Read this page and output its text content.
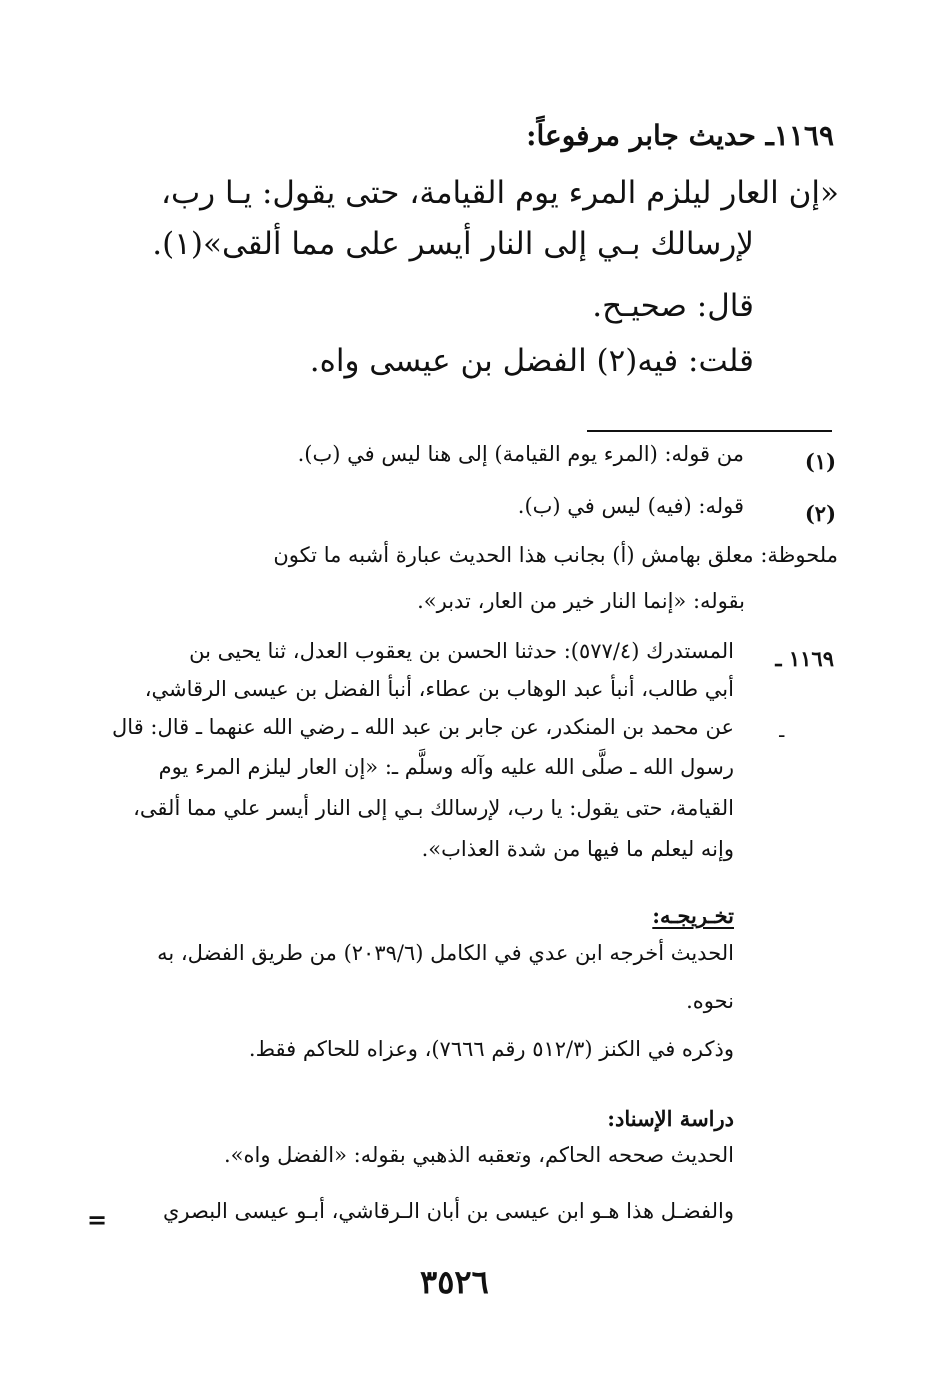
١١٦٩ـ حديث جابر مرفوعاً:
«إن العار ليلزم المرء يوم القيامة، حتى يقول: يـا رب،
لإرسالك بـي إلى النار أيسر على مما ألقى»(١).
قال: صحيـح.
قلت: فيه(٢) الفضل بن عيسى واه.
(١)
من قوله: (المرء يوم القيامة) إلى هنا ليس في (ب).
(٢)
قوله: (فيه) ليس في (ب).
ملحوظة: معلق بهامش (أ) بجانب هذا الحديث عبارة أشبه ما تكون
بقوله: «إنما النار خير من العار، تدبر».
١١٦٩ ـ
المستدرك (٥٧٧/٤): حدثنا الحسن بن يعقوب العدل، ثنا يحيى بن
أبي طالب، أنبأ عبد الوهاب بن عطاء، أنبأ الفضل بن عيسى الرقاشي،
عن محمد بن المنكدر، عن جابر بن عبد الله ـ رضي الله عنهما ـ قال: قال
رسول الله ـ صلَّى الله عليه وآله وسلَّم ـ: «إن العار ليلزم المرء يوم
القيامة، حتى يقول: يا رب، لإرسالك بـي إلى النار أيسر علي مما ألقى،
وإنه ليعلم ما فيها من شدة العذاب».
-
تخـريجـه:
الحديث أخرجه ابن عدي في الكامل (٢٠٣٩/٦) من طريق الفضل، به
نحوه.
وذكره في الكنز (٥١٢/٣ رقم ٧٦٦٦)، وعزاه للحاكم فقط.
دراسة الإسناد:
الحديث صححه الحاكم، وتعقبه الذهبي بقوله: «الفضل واه».
والفضـل هذا هـو ابن عيسى بن أبان الـرقاشي، أبـو عيسى البصري
=
٣٥٢٦
